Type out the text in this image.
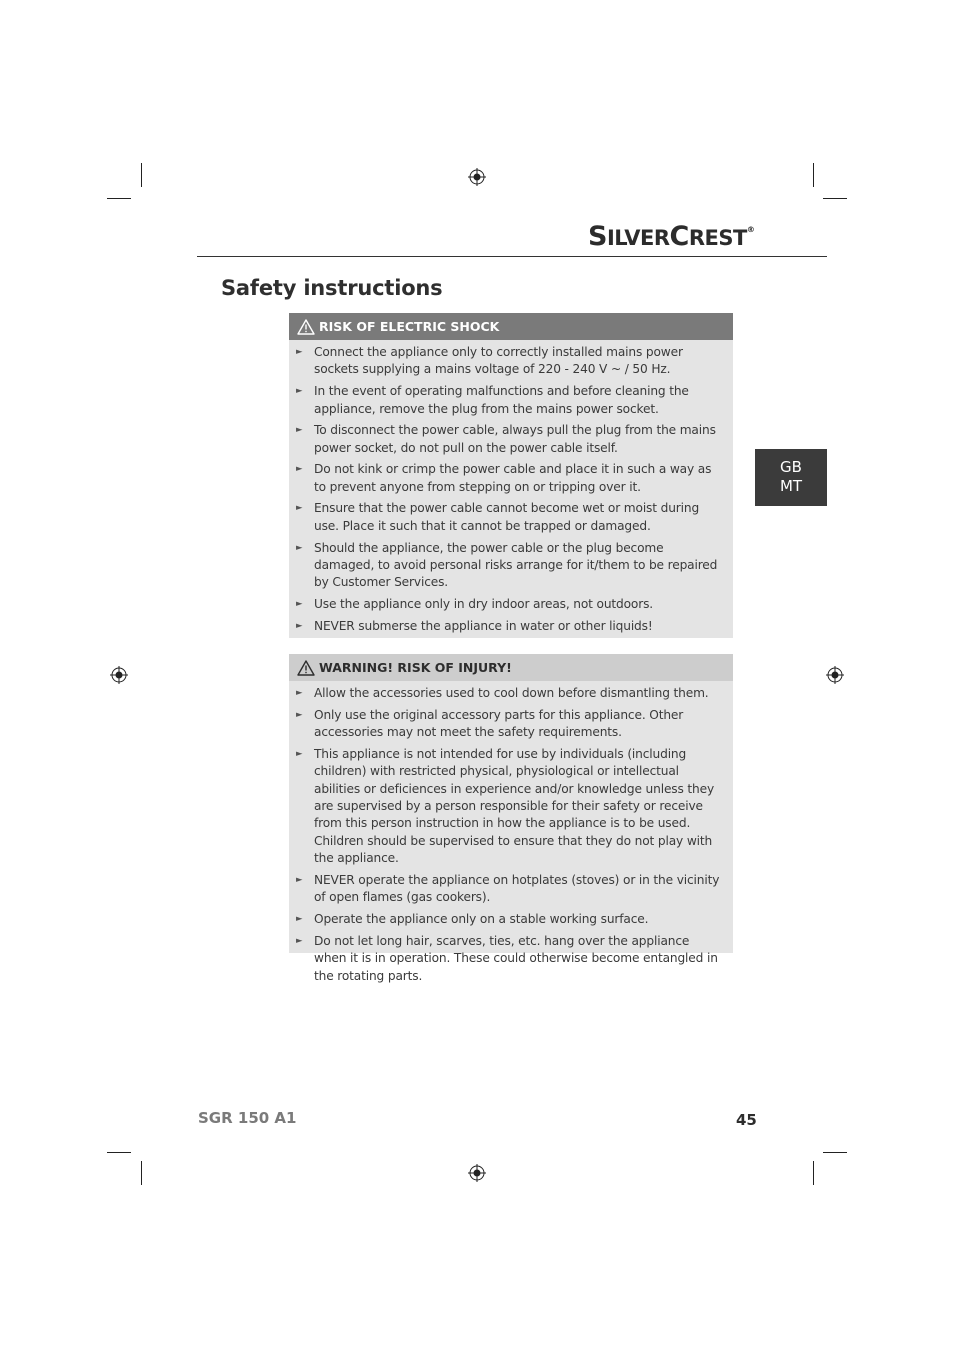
SILVERCREST®
Safety instructions
GB
MT
RISK OF ELECTRIC SHOCK
► Connect the appliance only to correctly installed mains power sockets supplying a mains voltage of 220 - 240 V ~ / 50 Hz.
► In the event of operating malfunctions and before cleaning the appliance, remove the plug from the mains power socket.
► To disconnect the power cable, always pull the plug from the mains power socket, do not pull on the power cable itself.
► Do not kink or crimp the power cable and place it in such a way as to prevent anyone from stepping on or tripping over it.
► Ensure that the power cable cannot become wet or moist during use. Place it such that it cannot be trapped or damaged.
► Should the appliance, the power cable or the plug become damaged, to avoid personal risks arrange for it/them to be repaired by Customer Services.
► Use the appliance only in dry indoor areas, not outdoors.
► NEVER submerse the appliance in water or other liquids!
WARNING! RISK OF INJURY!
► Allow the accessories used to cool down before dismantling them.
► Only use the original accessory parts for this appliance. Other accessories may not meet the safety requirements.
► This appliance is not intended for use by individuals (including children) with restricted physical, physiological or intellectual abilities or deficiences in experience and/or knowledge unless they are supervised by a person responsible for their safety or receive from this person instruction in how the appliance is to be used. Children should be supervised to ensure that they do not play with the appliance.
► NEVER operate the appliance on hotplates (stoves) or in the vicinity of open flames (gas cookers).
► Operate the appliance only on a stable working surface.
► Do not let long hair, scarves, ties, etc. hang over the appliance when it is in operation. These could otherwise become entangled in the rotating parts.
SGR 150 A1	45
